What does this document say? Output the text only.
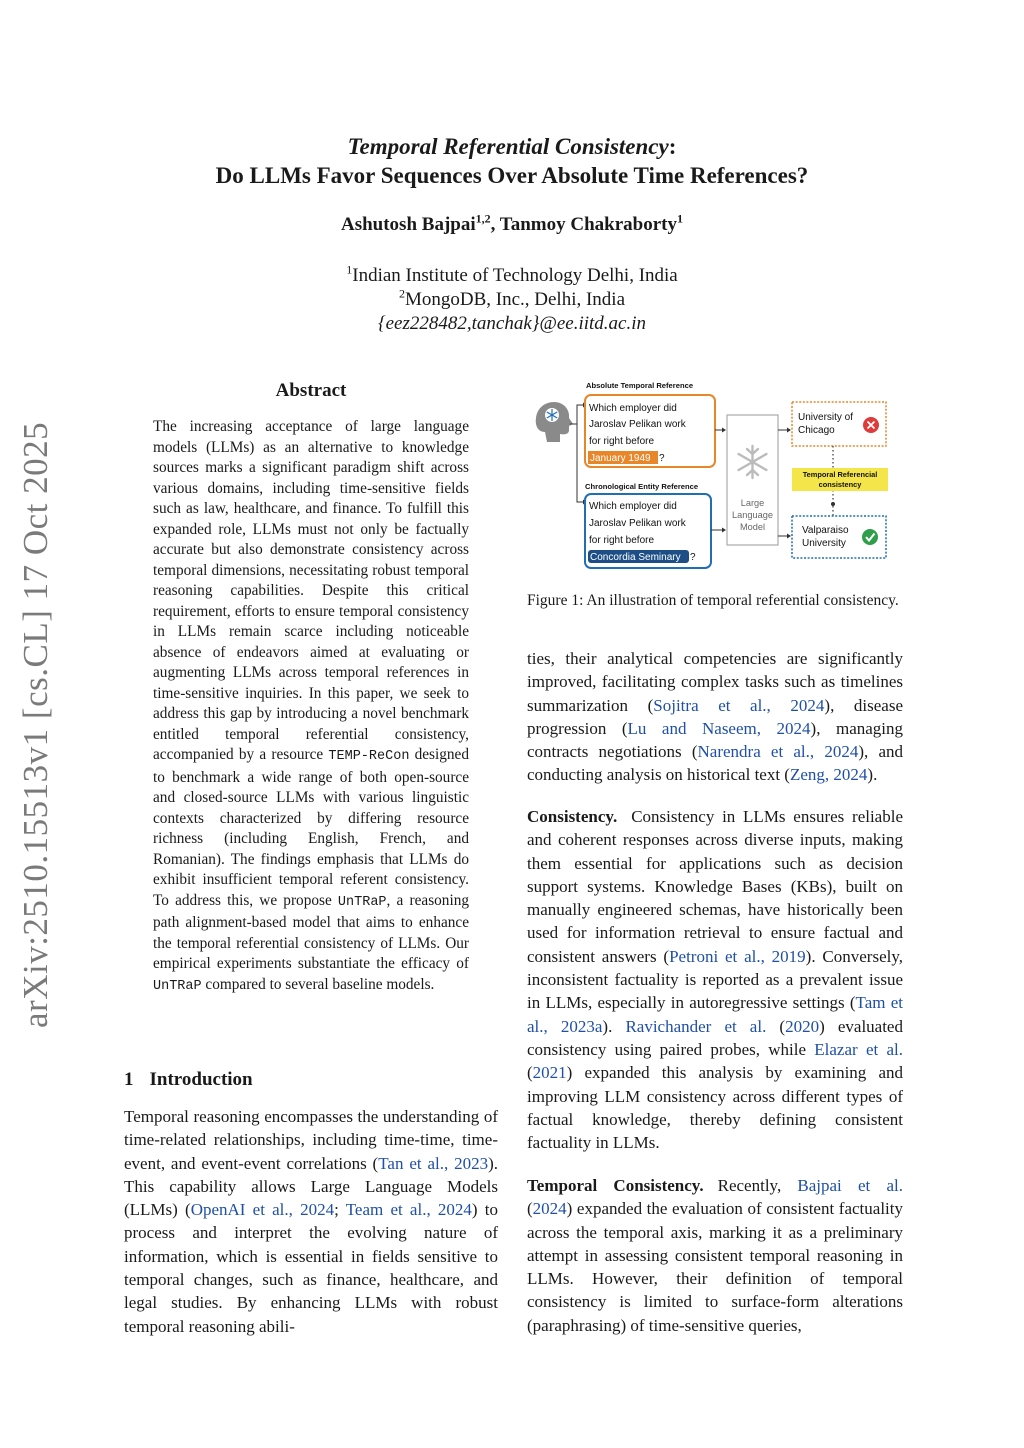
Temporal Referential Consistency:
Do LLMs Favor Sequences Over Absolute Time References?
Ashutosh Bajpai$^{1,2}$, Tanmoy Chakraborty$^1$
$^1$Indian Institute of Technology Delhi, India
$^2$MongoDB, Inc., Delhi, India
{eez228482,tanchak}@ee.iitd.ac.in
arXiv:2510.15513v1 [cs.CL] 17 Oct 2025
Abstract
The increasing acceptance of large language models (LLMs) as an alternative to knowledge sources marks a significant paradigm shift across various domains, including time-sensitive fields such as law, healthcare, and finance. To fulfill this expanded role, LLMs must not only be factually accurate but also demonstrate consistency across temporal dimensions, necessitating robust temporal reasoning capabilities. Despite this critical requirement, efforts to ensure temporal consistency in LLMs remain scarce including noticeable absence of endeavors aimed at evaluating or augmenting LLMs across temporal references in time-sensitive inquiries. In this paper, we seek to address this gap by introducing a novel benchmark entitled temporal referential consistency, accompanied by a resource TEMP-ReCon designed to benchmark a wide range of both open-source and closed-source LLMs with various linguistic contexts characterized by differing resource richness (including English, French, and Romanian). The findings emphasis that LLMs do exhibit insufficient temporal referent consistency. To address this, we propose UnTRaP, a reasoning path alignment-based model that aims to enhance the temporal referential consistency of LLMs. Our empirical experiments substantiate the efficacy of UnTRaP compared to several baseline models.
1 Introduction
Temporal reasoning encompasses the understanding of time-related relationships, including time-time, time-event, and event-event correlations (Tan et al., 2023). This capability allows Large Language Models (LLMs) (OpenAI et al., 2024; Team et al., 2024) to process and interpret the evolving nature of information, which is essential in fields sensitive to temporal changes, such as finance, healthcare, and legal studies. By enhancing LLMs with robust temporal reasoning abili-
Absolute Temporal Reference
Chronological Entity Reference
Which employer did
Jaroslav Pelikan work
for right before
January 1949 ?
Which employer did
Jaroslav Pelikan work
for right before
Concordia Seminary ?
Large
Language
Model
University of
Chicago
Temporal Referencial
consistency
Valparaiso
University
Figure 1: An illustration of temporal referential consistency.
ties, their analytical competencies are significantly improved, facilitating complex tasks such as timelines summarization (Sojitra et al., 2024), disease progression (Lu and Naseem, 2024), managing contracts negotiations (Narendra et al., 2024), and conducting analysis on historical text (Zeng, 2024).
Consistency. Consistency in LLMs ensures reliable and coherent responses across diverse inputs, making them essential for applications such as decision support systems. Knowledge Bases (KBs), built on manually engineered schemas, have historically been used for information retrieval to ensure factual and consistent answers (Petroni et al., 2019). Conversely, inconsistent factuality is reported as a prevalent issue in LLMs, especially in autoregressive settings (Tam et al., 2023a). Ravichander et al. (2020) evaluated consistency using paired probes, while Elazar et al. (2021) expanded this analysis by examining and improving LLM consistency across different types of factual knowledge, thereby defining consistent factuality in LLMs.
Temporal Consistency. Recently, Bajpai et al. (2024) expanded the evaluation of consistent factuality across the temporal axis, marking it as a preliminary attempt in assessing consistent temporal reasoning in LLMs. However, their definition of temporal consistency is limited to surface-form alterations (paraphrasing) of time-sensitive queries,
